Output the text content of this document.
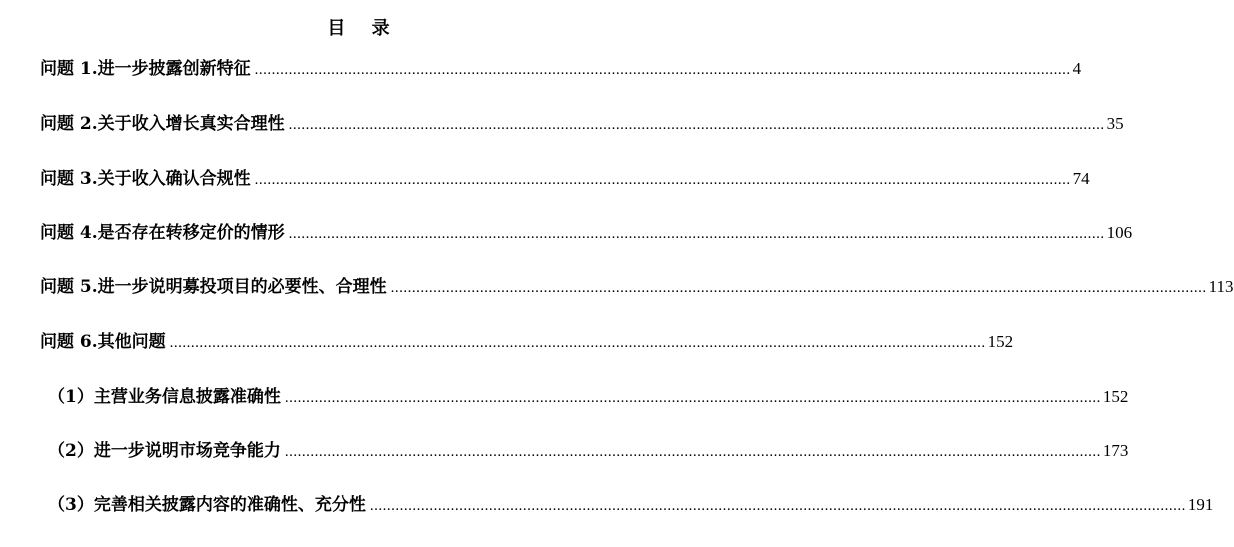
目 录
问题 1.进一步披露创新特征 ................................................................................................................................................................................................ 4
问题 2.关于收入增长真实合理性 ................................................................................................................................................................................................ 35
问题 3.关于收入确认合规性 ................................................................................................................................................................................................ 74
问题 4.是否存在转移定价的情形 ................................................................................................................................................................................................ 106
问题 5.进一步说明募投项目的必要性、合理性 ................................................................................................................................................................................................ 113
问题 6.其他问题 ................................................................................................................................................................................................ 152
（1）主营业务信息披露准确性 ................................................................................................................................................................................................ 152
（2）进一步说明市场竞争能力 ................................................................................................................................................................................................ 173
（3）完善相关披露内容的准确性、充分性 ................................................................................................................................................................................................ 191
